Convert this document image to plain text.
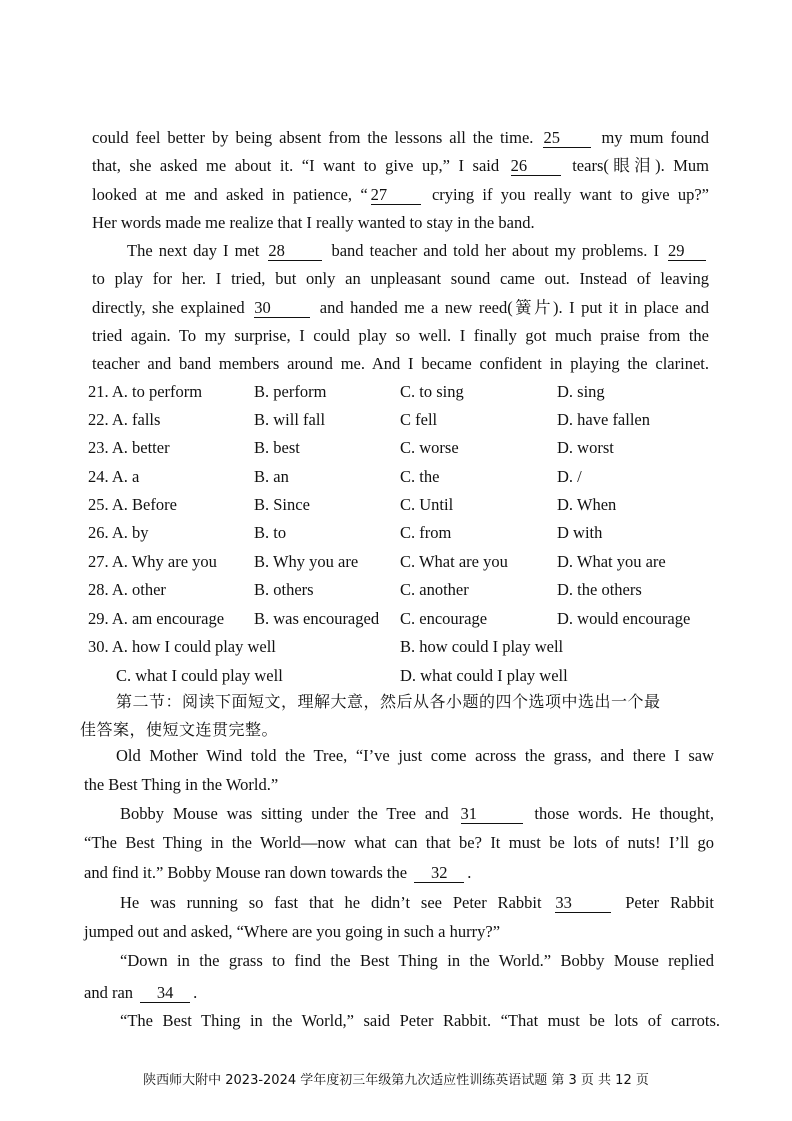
could feel better by being absent from the lessons all the time. 25	my mum found
that, she asked me about it. “I want to give up,” I said 26	tears(眼泪). Mum
looked at me and asked in patience, “ 27	crying if you really want to give up?”
Her words made me realize that I really wanted to stay in the band.
The next day I met 28	band teacher and told her about my problems. I 29
to play for her. I tried, but only an unpleasant sound came out. Instead of leaving
directly, she explained 30	and handed me a new reed(簧片). I put it in place and
tried again. To my surprise, I could play so well. I finally got much praise from the
teacher and band members around me. And I became confident in playing the clarinet.
21. A. to perform	B. perform	C. to sing	D. sing
22. A. falls	B. will fall	C fell	D. have fallen
23. A. better	B. best	C. worse	D. worst
24. A. a	B. an	C. the	D. /
25. A. Before	B. Since	C. Until	D. When
26. A. by	B. to	C. from	D with
27. A. Why are you B. Why you are	C. What are you	D. What you are
28. A. other	B. others	C. another	D. the others
29. A. am encourage B. was encouraged C. encourage	D. would encourage
30. A. how I could play well	B. how could I play well
C. what I could play well	D. what could I play well
第二节：阅读下面短文，理解大意，然后从各小题的四个选项中选出一个最
佳答案，使短文连贯完整。
Old Mother Wind told the Tree, “I’ve just come across the grass, and there I saw
the Best Thing in the World.”
Bobby Mouse was sitting under the Tree and 31	those words. He thought,
“The Best Thing in the World—now what can that be? It must be lots of nuts! I’ll go
and find it.” Bobby Mouse ran down towards the 32 .
He was running so fast that he didn’t see Peter Rabbit 33	Peter Rabbit
jumped out and asked, “Where are you going in such a hurry?”
“Down in the grass to find the Best Thing in the World.” Bobby Mouse replied
and ran 34 .
“The Best Thing in the World,” said Peter Rabbit. “That must be lots of carrots.
陕西师大附中 2023-2024 学年度初三年级第九次适应性训练英语试题 第 3 页 共 12 页
